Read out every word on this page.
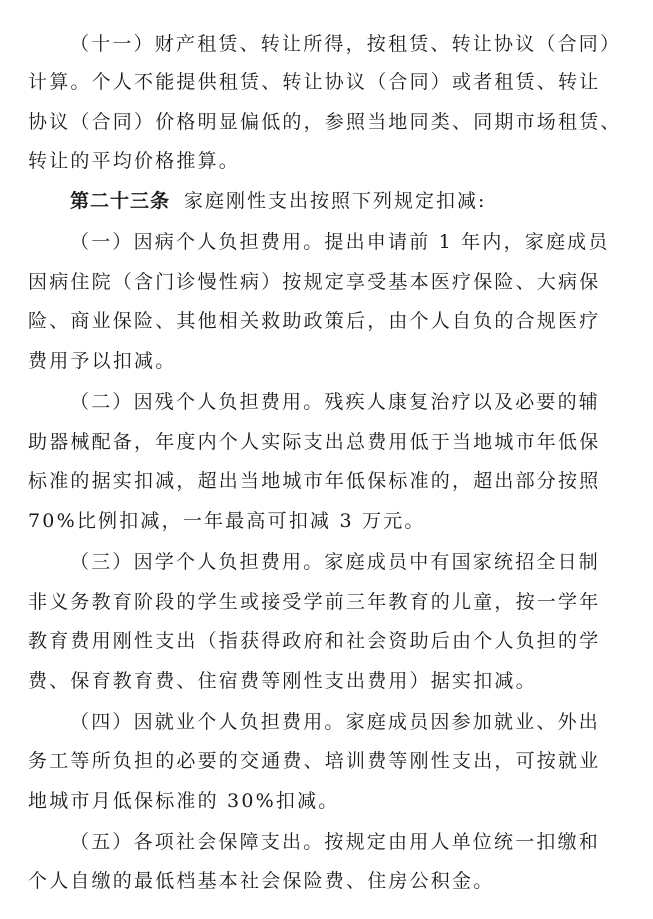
（十一）财产租赁、转让所得，按租赁、转让协议（合同）
计算。个人不能提供租赁、转让协议（合同）或者租赁、转让
协议（合同）价格明显偏低的，参照当地同类、同期市场租赁、
转让的平均价格推算。
第二十三条 家庭刚性支出按照下列规定扣减:
（一）因病个人负担费用。提出申请前 1 年内，家庭成员
因病住院（含门诊慢性病）按规定享受基本医疗保险、大病保
险、商业保险、其他相关救助政策后，由个人自负的合规医疗
费用予以扣减。
（二）因残个人负担费用。残疾人康复治疗以及必要的辅
助器械配备，年度内个人实际支出总费用低于当地城市年低保
标准的据实扣减，超出当地城市年低保标准的，超出部分按照
70%比例扣减，一年最高可扣减 3 万元。
（三）因学个人负担费用。家庭成员中有国家统招全日制
非义务教育阶段的学生或接受学前三年教育的儿童，按一学年
教育费用刚性支出（指获得政府和社会资助后由个人负担的学
费、保育教育费、住宿费等刚性支出费用）据实扣减。
（四）因就业个人负担费用。家庭成员因参加就业、外出
务工等所负担的必要的交通费、培训费等刚性支出，可按就业
地城市月低保标准的 30%扣减。
（五）各项社会保障支出。按规定由用人单位统一扣缴和
个人自缴的最低档基本社会保险费、住房公积金。
